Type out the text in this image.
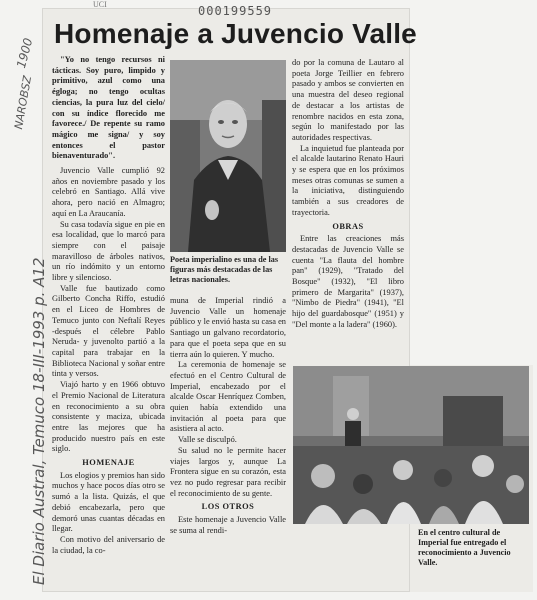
UCI	000199559
El Diario Austral, Temuco 18-III-1993 p. A12
1900
NAROBSZ
Homenaje a Juvencio Valle

"Yo no tengo recursos ni tácticas. Soy puro, limpido y primitivo, azul como una égloga; no tengo ocultas ciencias, la pura luz del cielo/ con su índice florecido me favorece./ De repente su ramo mágico me signa/ y soy entonces el pastor bienaventurado".

Juvencio Valle cumplió 92 años en noviembre pasado y los celebró en Santiago. Allá vive ahora, pero nació en Almagro; aquí en La Araucanía.

Su casa todavía sigue en pie en esa localidad, que lo marcó para siempre con el paisaje maravilloso de árboles nativos, un río indómito y un entorno libre y silencioso.

Valle fue bautizado como Gilberto Concha Riffo, estudió en el Liceo de Hombres de Temuco junto con Neftalí Reyes -después el célebre Pablo Neruda- y juvenolto partió a la capital para trabajar en la Biblioteca Nacional y soñar entre tinta y versos.

Viajó harto y en 1966 obtuvo el Premio Nacional de Literatura en reconocimiento a su obra consistente y maciza, ubicada entre las mejores que ha producido nuestro país en este siglo.

HOMENAJE

Los elogios y premios han sido muchos y hace pocos días otro se sumó a la lista. Quizás, el que debió encabezarla, pero que demoró unas cuantas décadas en llegar.

Con motivo del aniversario de la ciudad, la co-

Poeta imperialino es una de las figuras más destacadas de las letras nacionales.

muna de Imperial rindió a Juvencio Valle un homenaje público y le envió hasta su casa en Santiago un galvano recordatorio, para que el poeta sepa que en su tierra aún lo quieren. Y mucho.

La ceremonia de homenaje se efectuó en el Centro Cultural de Imperial, encabezado por el alcalde Oscar Henríquez Comben, quien había extendido una invitación al poeta para que asistiera al acto.

Valle se disculpó.

Su salud no le permite hacer viajes largos y, aunque La Frontera sigue en su corazón, esta vez no pudo regresar para recibir el reconocimiento de su gente.

LOS OTROS

Este homenaje a Juvencio Valle se suma al rendi-

do por la comuna de Lautaro al poeta Jorge Teillier en febrero pasado y ambos se convierten en una muestra del deseo regional de destacar a los artistas de renombre nacidos en esta zona, según lo manifestado por las autoridades respectivas.

La inquietud fue planteada por el alcalde lautarino Renato Hauri y se espera que en los próximos meses otras comunas se sumen a la iniciativa, distinguiendo también a sus creadores de trayectoria.

OBRAS

Entre las creaciones más destacadas de Juvencio Valle se cuenta "La flauta del hombre pan" (1929), "Tratado del Bosque" (1932), "El libro primero de Margarita" (1937), "Nimbo de Piedra" (1941), "El hijo del guardabosque" (1951) y "Del monte a la ladera" (1960).

En el centro cultural de Imperial fue entregado el reconocimiento a Juvencio Valle.
